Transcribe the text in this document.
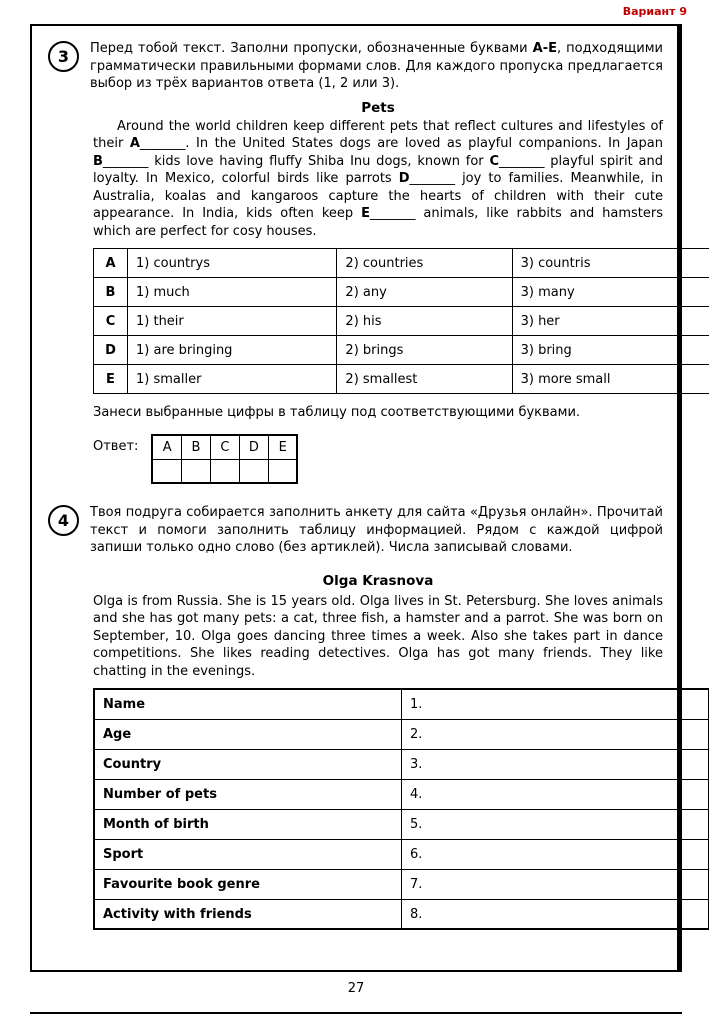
Вариант 9
3	Перед тобой текст. Заполни пропуски, обозначенные буквами А-Е, подходящими грамматически правильными формами слов. Для каждого пропуска предлагается выбор из трёх вариантов ответа (1, 2 или 3).

Pets

Around the world children keep different pets that reflect cultures and lifestyles of their A_______. In the United States dogs are loved as playful companions. In Japan B_______ kids love having fluffy Shiba Inu dogs, known for C_______ playful spirit and loyalty. In Mexico, colorful birds like parrots D_______ joy to families. Meanwhile, in Australia, koalas and kangaroos capture the hearts of children with their cute appearance. In India, kids often keep E_______ animals, like rabbits and hamsters which are perfect for cosy houses.

A	1) countrys	2) countries	3) countris
B	1) much	2) any	3) many
C	1) their	2) his	3) her
D	1) are bringing	2) brings	3) bring
E	1) smaller	2) smallest	3) more small

Занеси выбранные цифры в таблицу под соответствующими буквами.

Ответ: A	B	C	D	E

4	Твоя подруга собирается заполнить анкету для сайта «Друзья онлайн». Прочитай текст и помоги заполнить таблицу информацией. Рядом с каждой цифрой запиши только одно слово (без артиклей). Числа записывай словами.

Olga Krasnova

Olga is from Russia. She is 15 years old. Olga lives in St. Petersburg. She loves animals and she has got many pets: a cat, three fish, a hamster and a parrot. She was born on September, 10. Olga goes dancing three times a week. Also she takes part in dance competitions. She likes reading detectives. Olga has got many friends. They like chatting in the evenings.

Name	1.
Age	2.
Country	3.
Number of pets	4.
Month of birth	5.
Sport	6.
Favourite book genre	7.
Activity with friends	8.
27
